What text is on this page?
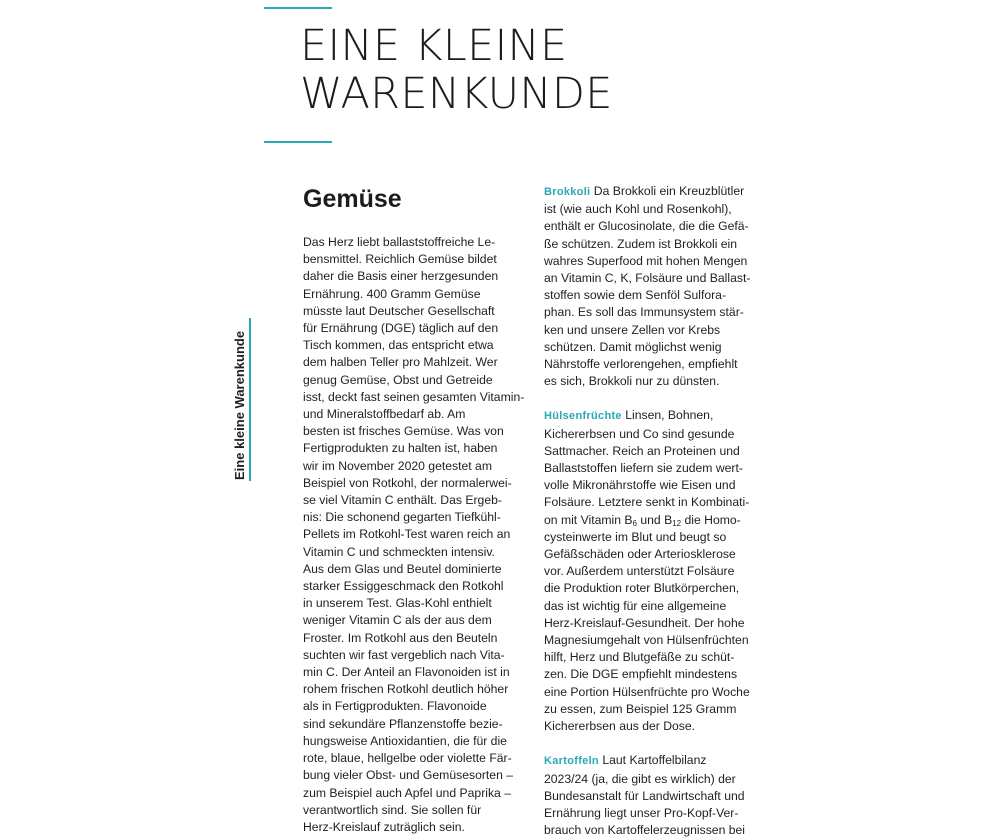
EINE KLEINE
WARENKUNDE
Eine kleine Warenkunde
Gemüse

Das Herz liebt ballaststoffreiche Le-
bensmittel. Reichlich Gemüse bildet
daher die Basis einer herzgesunden
Ernährung. 400 Gramm Gemüse
müsste laut Deutscher Gesellschaft
für Ernährung (DGE) täglich auf den
Tisch kommen, das entspricht etwa
dem halben Teller pro Mahlzeit. Wer
genug Gemüse, Obst und Getreide
isst, deckt fast seinen gesamten Vitamin-
und Mineralstoffbedarf ab. Am
besten ist frisches Gemüse. Was von
Fertigprodukten zu halten ist, haben
wir im November 2020 getestet am
Beispiel von Rotkohl, der normalerwei-
se viel Vitamin C enthält. Das Ergeb-
nis: Die schonend gegarten Tiefkühl-
Pellets im Rotkohl-Test waren reich an
Vitamin C und schmeckten intensiv.
Aus dem Glas und Beutel dominierte
starker Essiggeschmack den Rotkohl
in unserem Test. Glas-Kohl enthielt
weniger Vitamin C als der aus dem
Froster. Im Rotkohl aus den Beuteln
suchten wir fast vergeblich nach Vita-
min C. Der Anteil an Flavonoiden ist in
rohem frischen Rotkohl deutlich höher
als in Fertigprodukten. Flavonoide
sind sekundäre Pflanzenstoffe bezie-
hungsweise Antioxidantien, die für die
rote, blaue, hellgelbe oder violette Fär-
bung vieler Obst- und Gemüsesorten –
zum Beispiel auch Apfel und Paprika –
verantwortlich sind. Sie sollen für
Herz-Kreislauf zuträglich sein.

Brokkoli Da Brokkoli ein Kreuzblütler
ist (wie auch Kohl und Rosenkohl),
enthält er Glucosinolate, die die Gefä-
ße schützen. Zudem ist Brokkoli ein
wahres Superfood mit hohen Mengen
an Vitamin C, K, Folsäure und Ballast-
stoffen sowie dem Senföl Sulfora-
phan. Es soll das Immunsystem stär-
ken und unsere Zellen vor Krebs
schützen. Damit möglichst wenig
Nährstoffe verlorengehen, empfiehlt
es sich, Brokkoli nur zu dünsten.
Hülsenfrüchte Linsen, Bohnen,
Kichererbsen und Co sind gesunde
Sattmacher. Reich an Proteinen und
Ballaststoffen liefern sie zudem wert-
volle Mikronährstoffe wie Eisen und
Folsäure. Letztere senkt in Kombinati-
on mit Vitamin $B_6$ und $B_{12}$ die Homo-
cysteinwerte im Blut und beugt so
Gefäßschäden oder Arteriosklerose
vor. Außerdem unterstützt Folsäure
die Produktion roter Blutkörperchen,
das ist wichtig für eine allgemeine
Herz-Kreislauf-Gesundheit. Der hohe
Magnesiumgehalt von Hülsenfrüchten
hilft, Herz und Blutgefäße zu schüt-
zen. Die DGE empfiehlt mindestens
eine Portion Hülsenfrüchte pro Woche
zu essen, zum Beispiel 125 Gramm
Kichererbsen aus der Dose.
Kartoffeln Laut Kartoffelbilanz
2023/24 (ja, die gibt es wirklich) der
Bundesanstalt für Landwirtschaft und
Ernährung liegt unser Pro-Kopf-Ver-
brauch von Kartoffelerzeugnissen bei
